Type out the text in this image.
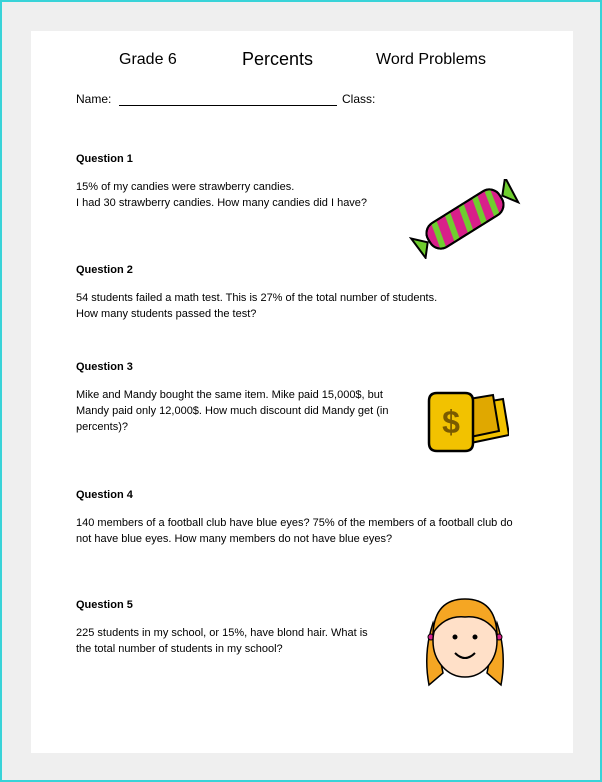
Grade 6	Percents	Word Problems
Name:	Class:
Question 1
15% of my candies were strawberry candies.
I had 30 strawberry candies. How many candies did I have?
Question 2
54 students failed a math test. This is 27% of the total number of students.
How many students passed the test?
Question 3
Mike and Mandy bought the same item. Mike paid 15,000$, but
Mandy paid only 12,000$. How much discount did Mandy get (in
percents)?
Question 4
140 members of a football club have blue eyes? 75% of the members of a football club do
not have blue eyes. How many members do not have blue eyes?
Question 5
225 students in my school, or 15%, have blond hair. What is
the total number of students in my school?
$
